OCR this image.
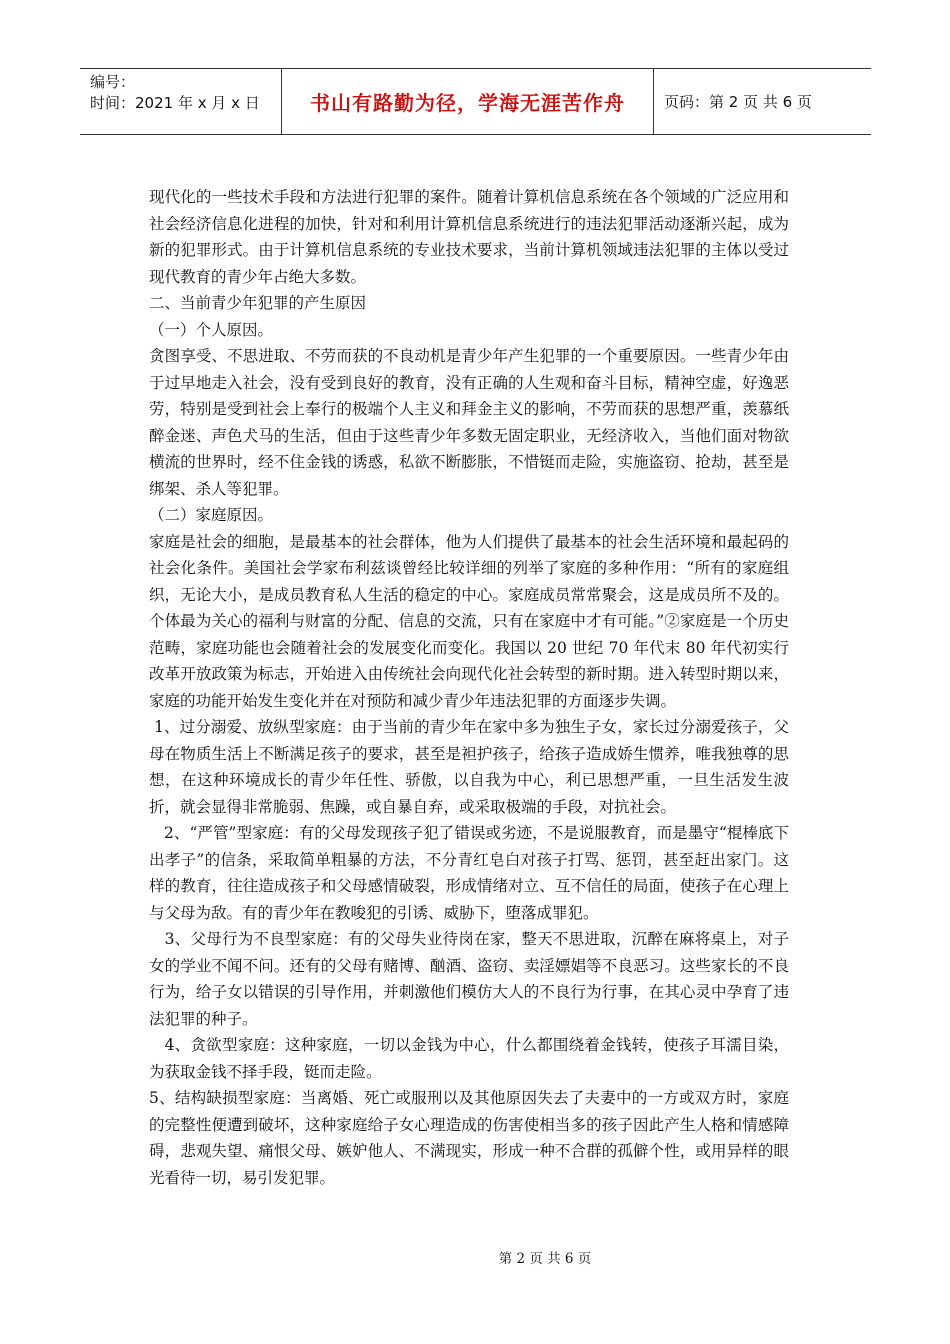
编号：
时间：2021 年 x 月 x 日	书山有路勤为径，学海无涯苦作舟	页码：第 2 页 共 6 页

现代化的一些技术手段和方法进行犯罪的案件。随着计算机信息系统在各个领域的广泛应用和社会经济信息化进程的加快，针对和利用计算机信息系统进行的违法犯罪活动逐渐兴起，成为新的犯罪形式。由于计算机信息系统的专业技术要求，当前计算机领域违法犯罪的主体以受过现代教育的青少年占绝大多数。

二、当前青少年犯罪的产生原因

（一）个人原因。

贪图享受、不思进取、不劳而获的不良动机是青少年产生犯罪的一个重要原因。一些青少年由于过早地走入社会，没有受到良好的教育，没有正确的人生观和奋斗目标，精神空虚，好逸恶劳，特别是受到社会上奉行的极端个人主义和拜金主义的影响，不劳而获的思想严重，羡慕纸醉金迷、声色犬马的生活，但由于这些青少年多数无固定职业，无经济收入，当他们面对物欲横流的世界时，经不住金钱的诱惑，私欲不断膨胀，不惜铤而走险，实施盗窃、抢劫，甚至是绑架、杀人等犯罪。

（二）家庭原因。

家庭是社会的细胞，是最基本的社会群体，他为人们提供了最基本的社会生活环境和最起码的社会化条件。美国社会学家布利兹谈曾经比较详细的列举了家庭的多种作用：“所有的家庭组织，无论大小，是成员教育私人生活的稳定的中心。家庭成员常常聚会，这是成员所不及的。个体最为关心的福利与财富的分配、信息的交流，只有在家庭中才有可能。”②家庭是一个历史范畴，家庭功能也会随着社会的发展变化而变化。我国以 20 世纪 70 年代末 80 年代初实行改革开放政策为标志，开始进入由传统社会向现代化社会转型的新时期。进入转型时期以来，家庭的功能开始发生变化并在对预防和减少青少年违法犯罪的方面逐步失调。

1、过分溺爱、放纵型家庭：由于当前的青少年在家中多为独生子女，家长过分溺爱孩子，父母在物质生活上不断满足孩子的要求，甚至是袒护孩子，给孩子造成娇生惯养，唯我独尊的思想，在这种环境成长的青少年任性、骄傲，以自我为中心，利已思想严重，一旦生活发生波折，就会显得非常脆弱、焦躁，或自暴自弃，或采取极端的手段，对抗社会。

2、“严管”型家庭：有的父母发现孩子犯了错误或劣迹，不是说服教育，而是墨守“棍棒底下出孝子”的信条，采取简单粗暴的方法，不分青红皂白对孩子打骂、惩罚，甚至赶出家门。这样的教育，往往造成孩子和父母感情破裂，形成情绪对立、互不信任的局面，使孩子在心理上与父母为敌。有的青少年在教唆犯的引诱、威胁下，堕落成罪犯。

3、父母行为不良型家庭：有的父母失业待岗在家，整天不思进取，沉醉在麻将桌上，对子女的学业不闻不问。还有的父母有赌博、酗酒、盗窃、卖淫嫖娼等不良恶习。这些家长的不良行为，给子女以错误的引导作用，并刺激他们模仿大人的不良行为行事，在其心灵中孕育了违法犯罪的种子。

4、贪欲型家庭：这种家庭，一切以金钱为中心，什么都围绕着金钱转，使孩子耳濡目染，为获取金钱不择手段，铤而走险。

5、结构缺损型家庭：当离婚、死亡或服刑以及其他原因失去了夫妻中的一方或双方时，家庭的完整性便遭到破坏，这种家庭给子女心理造成的伤害使相当多的孩子因此产生人格和情感障碍，悲观失望、痛恨父母、嫉妒他人、不满现实，形成一种不合群的孤僻个性，或用异样的眼光看待一切，易引发犯罪。

第 2 页 共 6 页
